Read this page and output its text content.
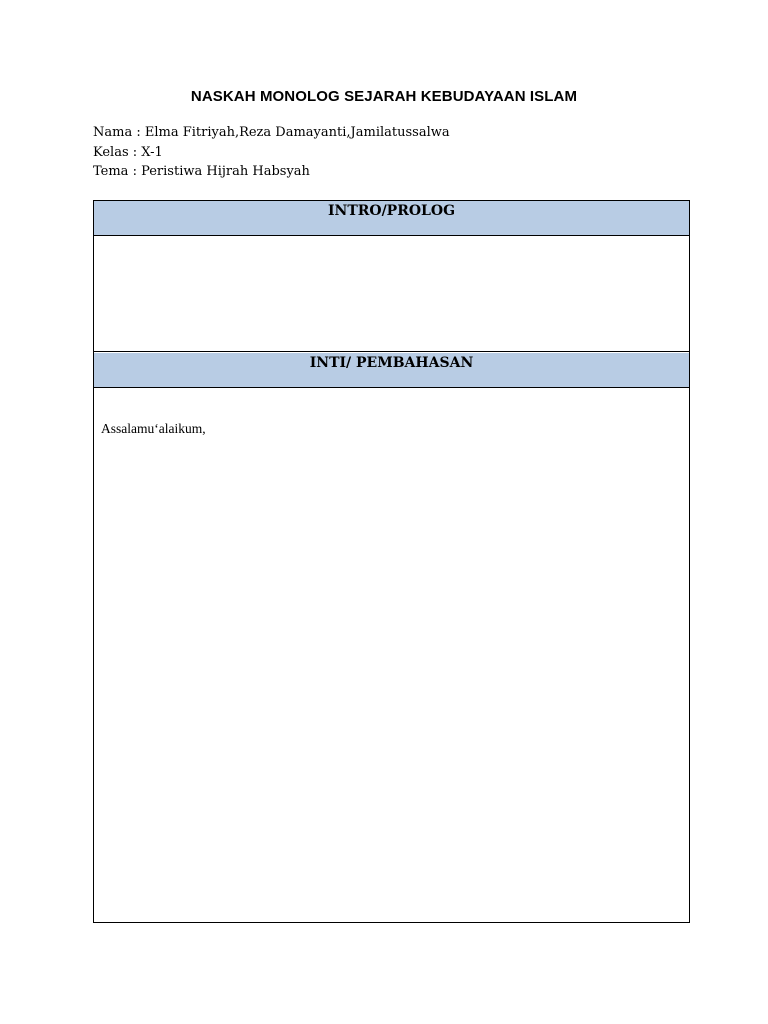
NASKAH MONOLOG SEJARAH KEBUDAYAAN ISLAM
Nama : Elma Fitriyah,Reza Damayanti,Jamilatussalwa
Kelas : X-1
Tema : Peristiwa Hijrah Habsyah
INTRO/PROLOG
INTI/ PEMBAHASAN
Assalamu‘alaikum,
